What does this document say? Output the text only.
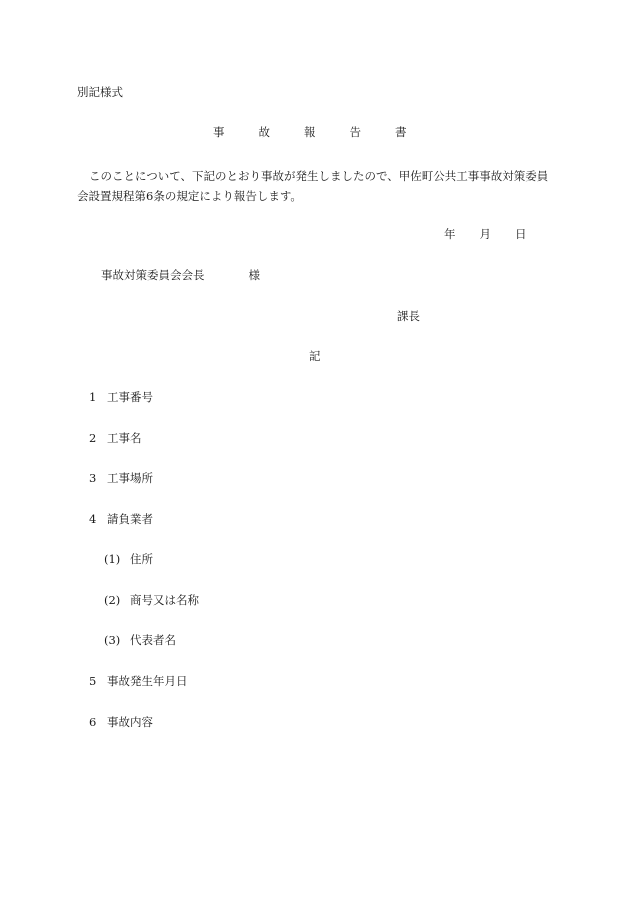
別記様式
事	故	報	告	書
このことについて、下記のとおり事故が発生しましたので、甲佐町公共工事事故対策委員会設置規程第6条の規定により報告します。
年 月 日
事故対策委員会会長	様
課長
記
1 工事番号
2 工事名
3 工事場所
4 請負業者
(1) 住所
(2) 商号又は名称
(3) 代表者名
5 事故発生年月日
6 事故内容
